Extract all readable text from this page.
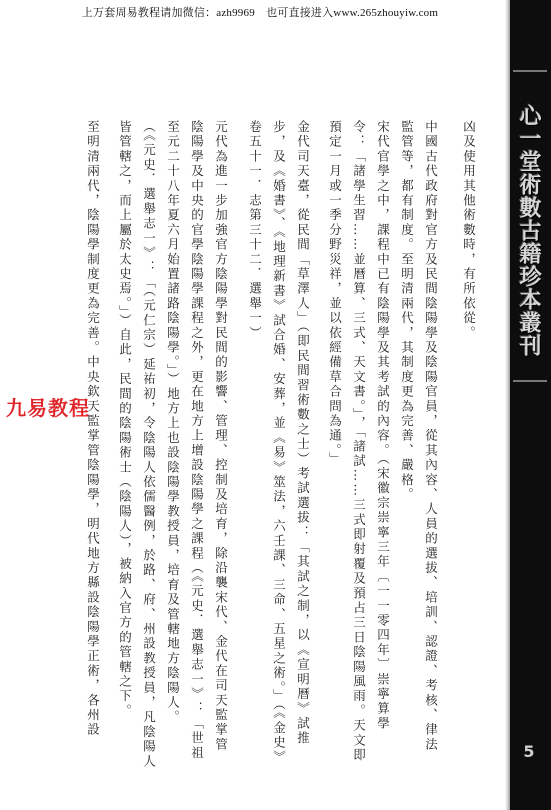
上万套周易教程请加微信：azh9969　也可直接进入www.265zhouyiw.com
凶及使用其他術數時，有所依從。
中國古代政府對官方及民間陰陽學及陰陽官員，從其內容、人員的選拔、培訓、認證、考核、律法
監管等，都有制度。至明清兩代，其制度更為完善、嚴格。
宋代官學之中，課程中已有陰陽學及其考試的內容。（宋徽宗崇寧三年〔一一零四年〕崇寧算學
令：「諸學生習……並曆算、三式、天文書。」，「諸試……三式即射覆及預占三日陰陽風雨。天文即
預定一月或一季分野災祥，並以依經備草合問為通。」
金代司天臺，從民間「草澤人」（即民間習術數之士）考試選拔：「其試之制，以《宣明曆》試推
步，及《婚書》、《地理新書》試合婚、安葬，並《易》筮法，六壬課、三命、五星之術。」（《金史》
卷五十一．志第三十二．選舉一）
元代為進一步加強官方陰陽學對民間的影響、管理、控制及培育，除沿襲宋代、金代在司天監掌管
陰陽學及中央的官學陰陽學課程之外，更在地方上增設陰陽學之課程（《元史．選舉志一》：「世祖
至元二十八年夏六月始置諸路陰陽學。」）地方上也設陰陽學教授員，培育及管轄地方陰陽人。
（《元史．選舉志一》：「（元仁宗）延祐初，令陰陽人依儒醫例，於路、府、州設教授員，凡陰陽人
皆管轄之，而上屬於太史焉。」）自此，民間的陰陽術士（陰陽人），被納入官方的管轄之下。
至明清兩代，陰陽學制度更為完善。中央欽天監掌管陰陽學，明代地方縣設陰陽學正術，各州設
九易教程
心一堂術數古籍珍本叢刊
5
